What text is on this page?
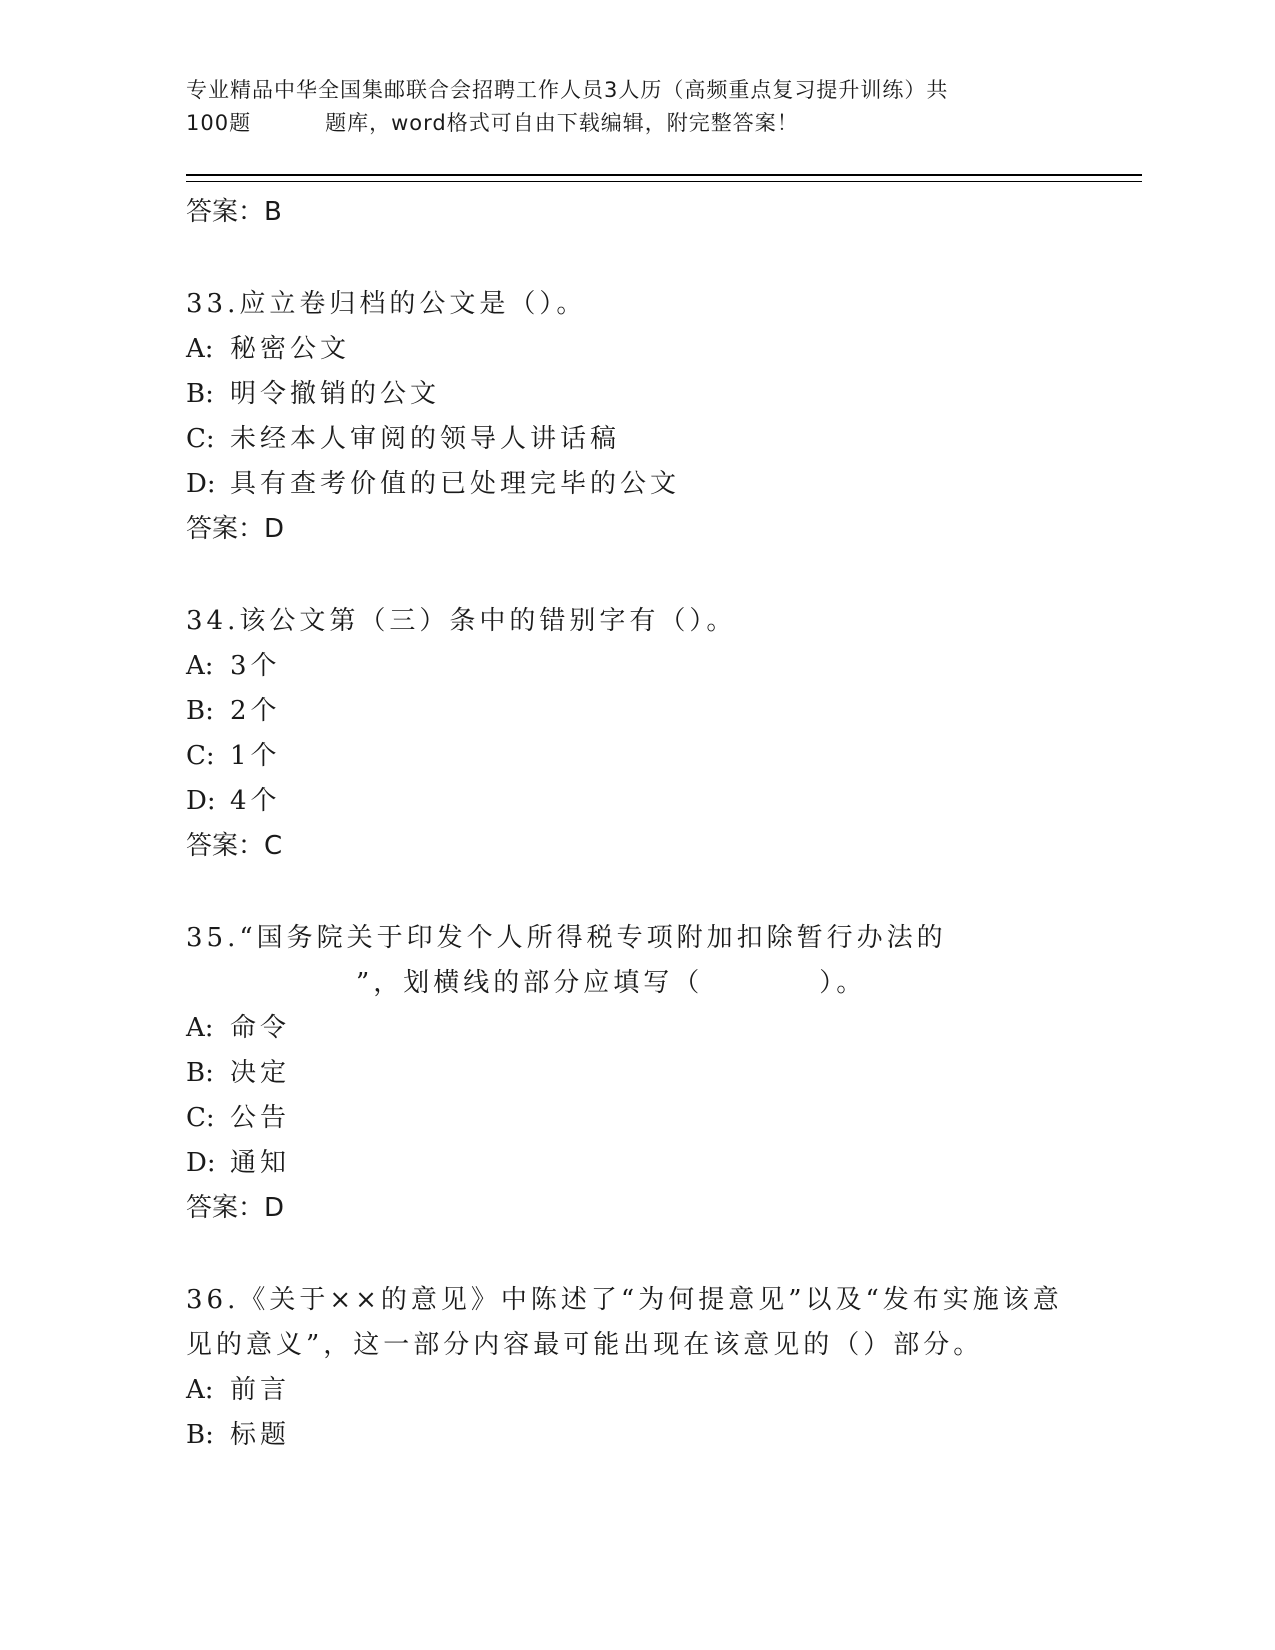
专业精品中华全国集邮联合会招聘工作人员3人历（高频重点复习提升训练）共
100题	题库，word格式可自由下载编辑，附完整答案！
答案：B
33.应立卷归档的公文是（）。
A: 秘密公文
B: 明令撤销的公文
C: 未经本人审阅的领导人讲话稿
D: 具有查考价值的已处理完毕的公文
答案：D
34.该公文第（三）条中的错别字有（）。
A: 3个
B: 2个
C: 1个
D: 4个
答案：C
35.“国务院关于印发个人所得税专项附加扣除暂行办法的
”，划横线的部分应填写（	）。
A: 命令
B: 决定
C: 公告
D: 通知
答案：D
36.《关于××的意见》中陈述了“为何提意见”以及“发布实施该意
见的意义”，这一部分内容最可能出现在该意见的（）部分。
A: 前言
B: 标题
